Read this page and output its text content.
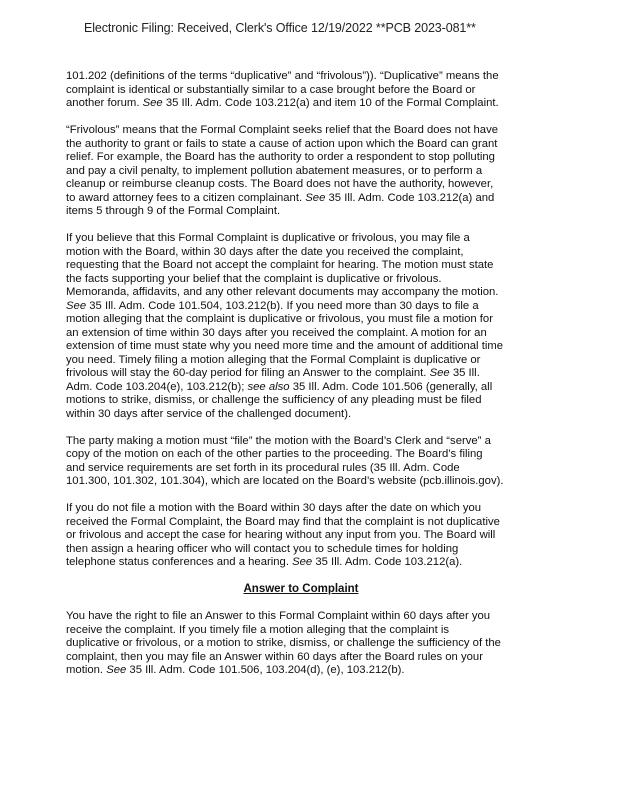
Electronic Filing: Received, Clerk's Office 12/19/2022 **PCB 2023-081**

101.202 (definitions of the terms “duplicative” and “frivolous”)). “Duplicative” means the
complaint is identical or substantially similar to a case brought before the Board or
another forum. See 35 Ill. Adm. Code 103.212(a) and item 10 of the Formal Complaint.

“Frivolous” means that the Formal Complaint seeks relief that the Board does not have
the authority to grant or fails to state a cause of action upon which the Board can grant
relief. For example, the Board has the authority to order a respondent to stop polluting
and pay a civil penalty, to implement pollution abatement measures, or to perform a
cleanup or reimburse cleanup costs. The Board does not have the authority, however,
to award attorney fees to a citizen complainant. See 35 Ill. Adm. Code 103.212(a) and
items 5 through 9 of the Formal Complaint.

If you believe that this Formal Complaint is duplicative or frivolous, you may file a
motion with the Board, within 30 days after the date you received the complaint,
requesting that the Board not accept the complaint for hearing. The motion must state
the facts supporting your belief that the complaint is duplicative or frivolous.
Memoranda, affidavits, and any other relevant documents may accompany the motion.
See 35 Ill. Adm. Code 101.504, 103.212(b). If you need more than 30 days to file a
motion alleging that the complaint is duplicative or frivolous, you must file a motion for
an extension of time within 30 days after you received the complaint. A motion for an
extension of time must state why you need more time and the amount of additional time
you need. Timely filing a motion alleging that the Formal Complaint is duplicative or
frivolous will stay the 60-day period for filing an Answer to the complaint. See 35 Ill.
Adm. Code 103.204(e), 103.212(b); see also 35 Ill. Adm. Code 101.506 (generally, all
motions to strike, dismiss, or challenge the sufficiency of any pleading must be filed
within 30 days after service of the challenged document).

The party making a motion must “file” the motion with the Board’s Clerk and “serve” a
copy of the motion on each of the other parties to the proceeding. The Board’s filing
and service requirements are set forth in its procedural rules (35 Ill. Adm. Code
101.300, 101.302, 101.304), which are located on the Board’s website (pcb.illinois.gov).

If you do not file a motion with the Board within 30 days after the date on which you
received the Formal Complaint, the Board may find that the complaint is not duplicative
or frivolous and accept the case for hearing without any input from you. The Board will
then assign a hearing officer who will contact you to schedule times for holding
telephone status conferences and a hearing. See 35 Ill. Adm. Code 103.212(a).

Answer to Complaint

You have the right to file an Answer to this Formal Complaint within 60 days after you
receive the complaint. If you timely file a motion alleging that the complaint is
duplicative or frivolous, or a motion to strike, dismiss, or challenge the sufficiency of the
complaint, then you may file an Answer within 60 days after the Board rules on your
motion. See 35 Ill. Adm. Code 101.506, 103.204(d), (e), 103.212(b).
